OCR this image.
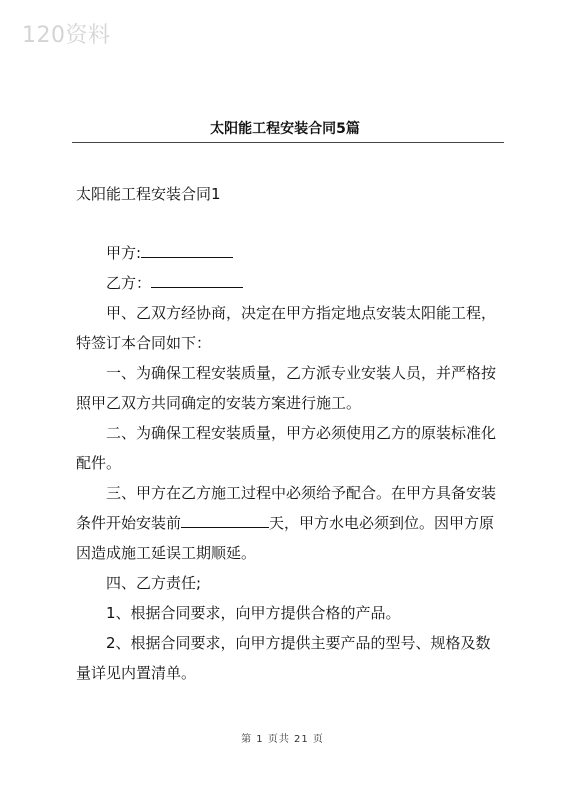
120资料
太阳能工程安装合同5篇
太阳能工程安装合同1
甲方:
乙方：
甲、乙双方经协商，决定在甲方指定地点安装太阳能工程，
特签订本合同如下：
一、为确保工程安装质量，乙方派专业安装人员，并严格按
照甲乙双方共同确定的安装方案进行施工。
二、为确保工程安装质量，甲方必须使用乙方的原装标准化
配件。
三、甲方在乙方施工过程中必须给予配合。在甲方具备安装
条件开始安装前	天，甲方水电必须到位。因甲方原
因造成施工延误工期顺延。
四、乙方责任;
1、根据合同要求，向甲方提供合格的产品。
2、根据合同要求，向甲方提供主要产品的型号、规格及数
量详见内置清单。
第 1 页共 21 页
